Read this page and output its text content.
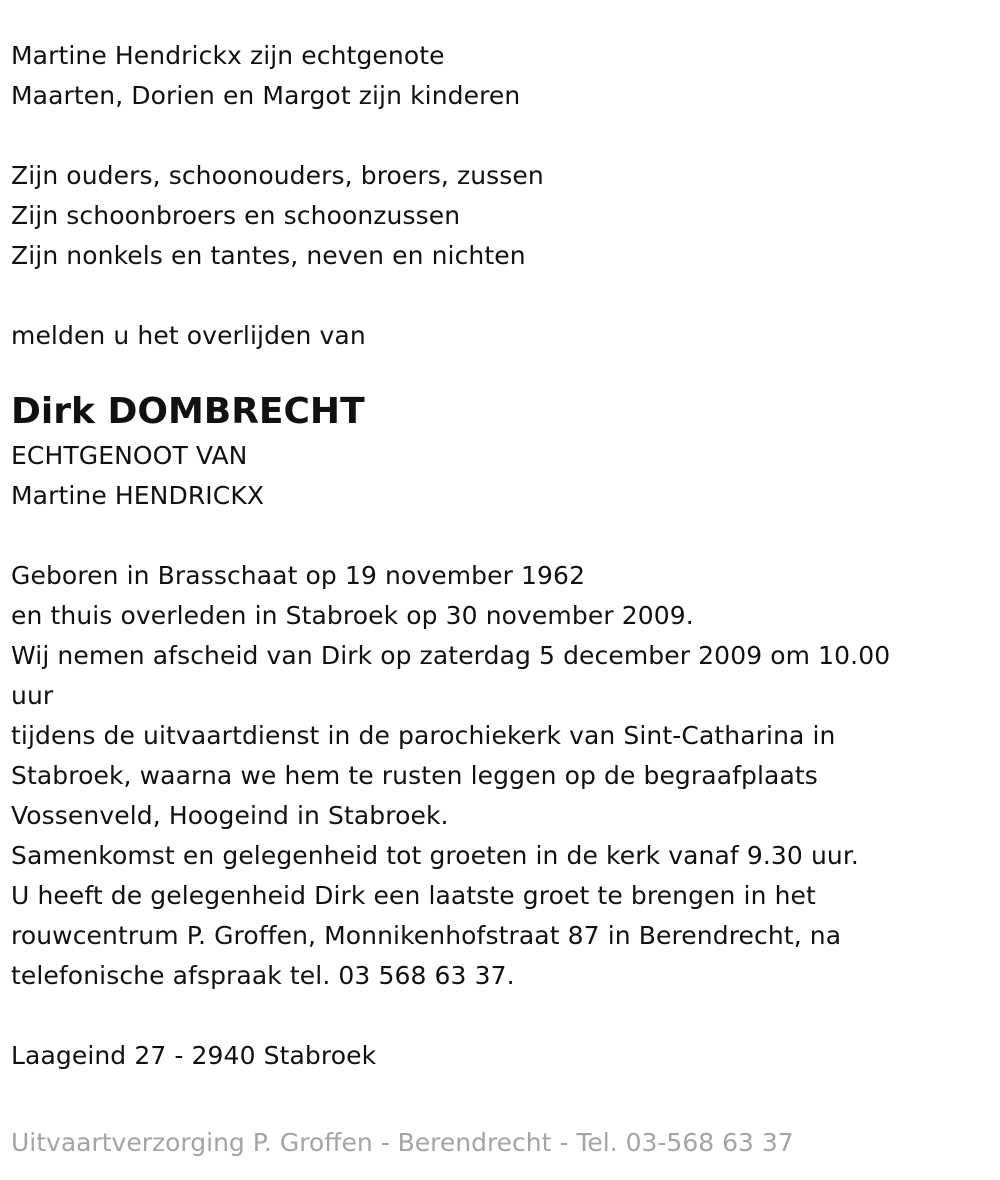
Martine Hendrickx zijn echtgenote
Maarten, Dorien en Margot zijn kinderen
Zijn ouders, schoonouders, broers, zussen
Zijn schoonbroers en schoonzussen
Zijn nonkels en tantes, neven en nichten
melden u het overlijden van
Dirk DOMBRECHT
ECHTGENOOT VAN
Martine HENDRICKX
Geboren in Brasschaat op 19 november 1962
en thuis overleden in Stabroek op 30 november 2009.
Wij nemen afscheid van Dirk op zaterdag 5 december 2009 om 10.00
uur
tijdens de uitvaartdienst in de parochiekerk van Sint-Catharina in
Stabroek, waarna we hem te rusten leggen op de begraafplaats
Vossenveld, Hoogeind in Stabroek.
Samenkomst en gelegenheid tot groeten in de kerk vanaf 9.30 uur.
U heeft de gelegenheid Dirk een laatste groet te brengen in het
rouwcentrum P. Groffen, Monnikenhofstraat 87 in Berendrecht, na
telefonische afspraak tel. 03 568 63 37.
Laageind 27 - 2940 Stabroek
Uitvaartverzorging P. Groffen - Berendrecht - Tel. 03-568 63 37
